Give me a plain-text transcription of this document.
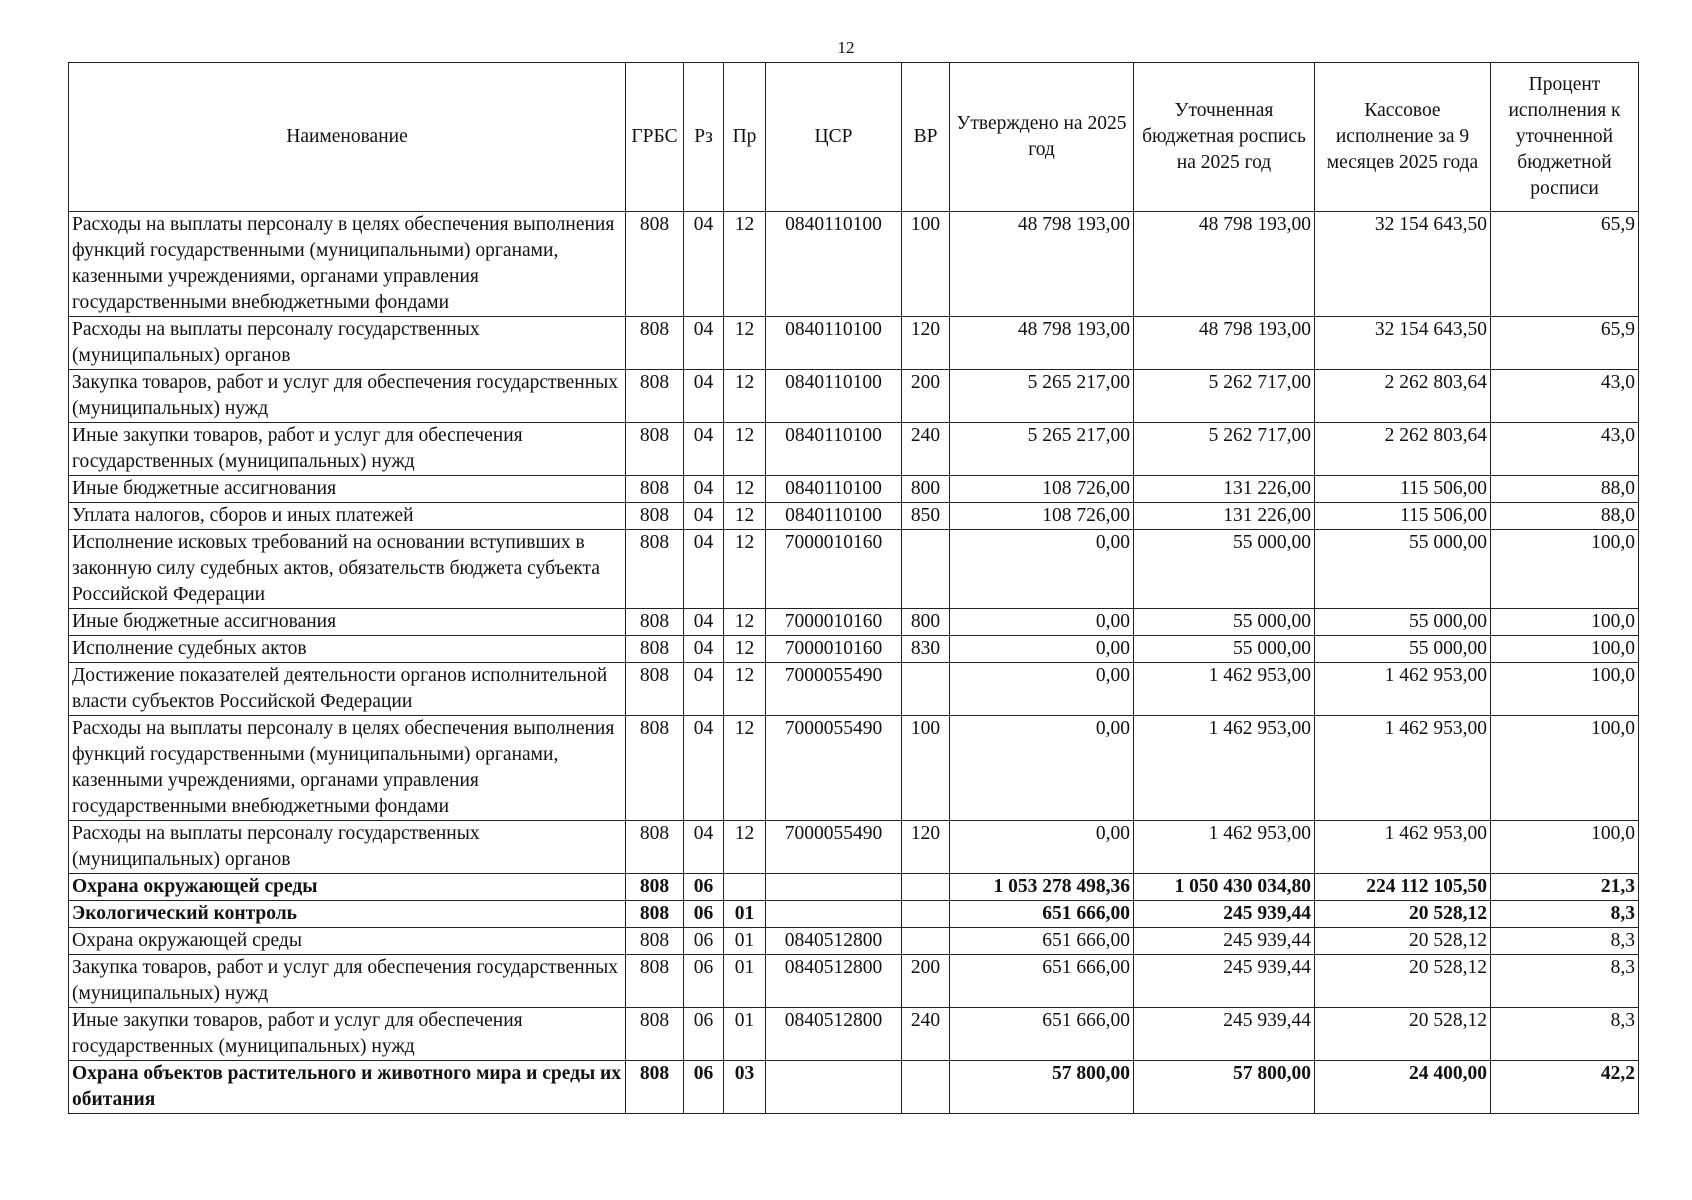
12
Наименование	ГРБС	Рз	Пр	ЦСР	ВР	Утверждено на 2025 год	Уточненная бюджетная роспись на 2025 год	Кассовое исполнение за 9 месяцев 2025 года	Процент исполнения к уточненной бюджетной росписи
Расходы на выплаты персоналу в целях обеспечения выполнения функций государственными (муниципальными) органами, казенными учреждениями, органами управления государственными внебюджетными фондами	808	04	12	0840110100	100	48 798 193,00	48 798 193,00	32 154 643,50	65,9
Расходы на выплаты персоналу государственных (муниципальных) органов	808	04	12	0840110100	120	48 798 193,00	48 798 193,00	32 154 643,50	65,9
Закупка товаров, работ и услуг для обеспечения государственных (муниципальных) нужд	808	04	12	0840110100	200	5 265 217,00	5 262 717,00	2 262 803,64	43,0
Иные закупки товаров, работ и услуг для обеспечения государственных (муниципальных) нужд	808	04	12	0840110100	240	5 265 217,00	5 262 717,00	2 262 803,64	43,0
Иные бюджетные ассигнования	808	04	12	0840110100	800	108 726,00	131 226,00	115 506,00	88,0
Уплата налогов, сборов и иных платежей	808	04	12	0840110100	850	108 726,00	131 226,00	115 506,00	88,0
Исполнение исковых требований на основании вступивших в законную силу судебных актов, обязательств бюджета субъекта Российской Федерации	808	04	12	7000010160		0,00	55 000,00	55 000,00	100,0
Иные бюджетные ассигнования	808	04	12	7000010160	800	0,00	55 000,00	55 000,00	100,0
Исполнение судебных актов	808	04	12	7000010160	830	0,00	55 000,00	55 000,00	100,0
Достижение показателей деятельности органов исполнительной власти субъектов Российской Федерации	808	04	12	7000055490		0,00	1 462 953,00	1 462 953,00	100,0
Расходы на выплаты персоналу в целях обеспечения выполнения функций государственными (муниципальными) органами, казенными учреждениями, органами управления государственными внебюджетными фондами	808	04	12	7000055490	100	0,00	1 462 953,00	1 462 953,00	100,0
Расходы на выплаты персоналу государственных (муниципальных) органов	808	04	12	7000055490	120	0,00	1 462 953,00	1 462 953,00	100,0
Охрана окружающей среды	808	06				1 053 278 498,36	1 050 430 034,80	224 112 105,50	21,3
Экологический контроль	808	06	01			651 666,00	245 939,44	20 528,12	8,3
Охрана окружающей среды	808	06	01	0840512800		651 666,00	245 939,44	20 528,12	8,3
Закупка товаров, работ и услуг для обеспечения государственных (муниципальных) нужд	808	06	01	0840512800	200	651 666,00	245 939,44	20 528,12	8,3
Иные закупки товаров, работ и услуг для обеспечения государственных (муниципальных) нужд	808	06	01	0840512800	240	651 666,00	245 939,44	20 528,12	8,3
Охрана объектов растительного и животного мира и среды их обитания	808	06	03			57 800,00	57 800,00	24 400,00	42,2
